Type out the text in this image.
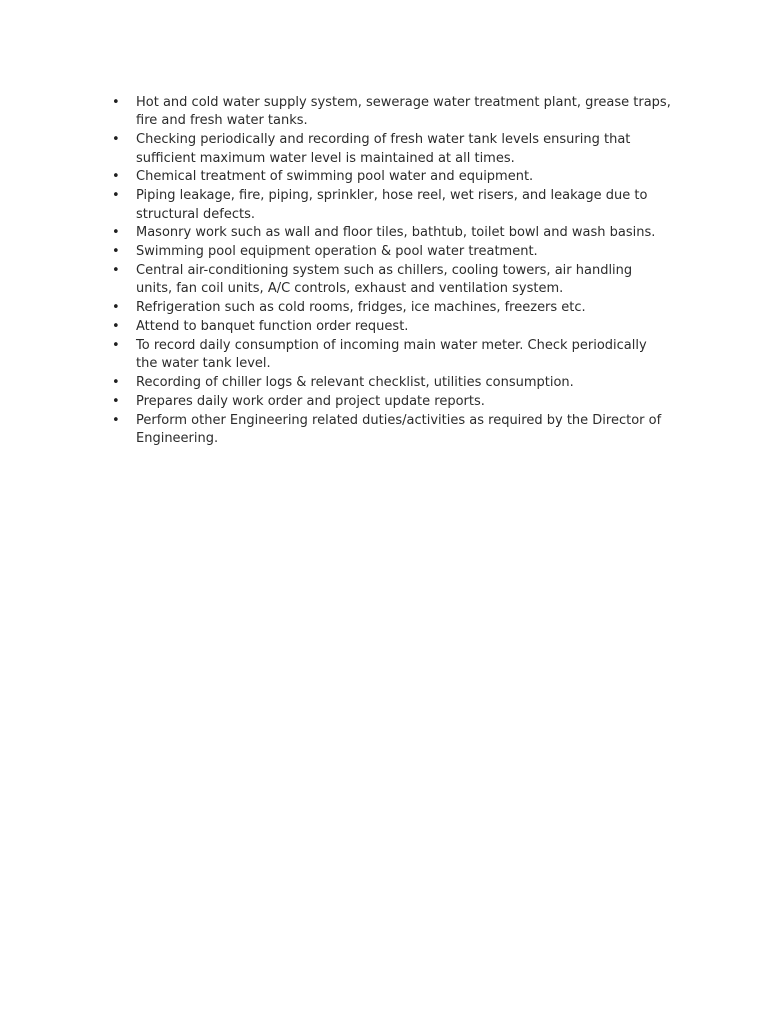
• Hot and cold water supply system, sewerage water treatment plant, grease traps, fire and fresh water tanks.
• Checking periodically and recording of fresh water tank levels ensuring that sufficient maximum water level is maintained at all times.
• Chemical treatment of swimming pool water and equipment.
• Piping leakage, fire, piping, sprinkler, hose reel, wet risers, and leakage due to structural defects.
• Masonry work such as wall and floor tiles, bathtub, toilet bowl and wash basins.
• Swimming pool equipment operation & pool water treatment.
• Central air-conditioning system such as chillers, cooling towers, air handling units, fan coil units, A/C controls, exhaust and ventilation system.
• Refrigeration such as cold rooms, fridges, ice machines, freezers etc.
• Attend to banquet function order request.
• To record daily consumption of incoming main water meter. Check periodically the water tank level.
• Recording of chiller logs & relevant checklist, utilities consumption.
• Prepares daily work order and project update reports.
• Perform other Engineering related duties/activities as required by the Director of Engineering.
